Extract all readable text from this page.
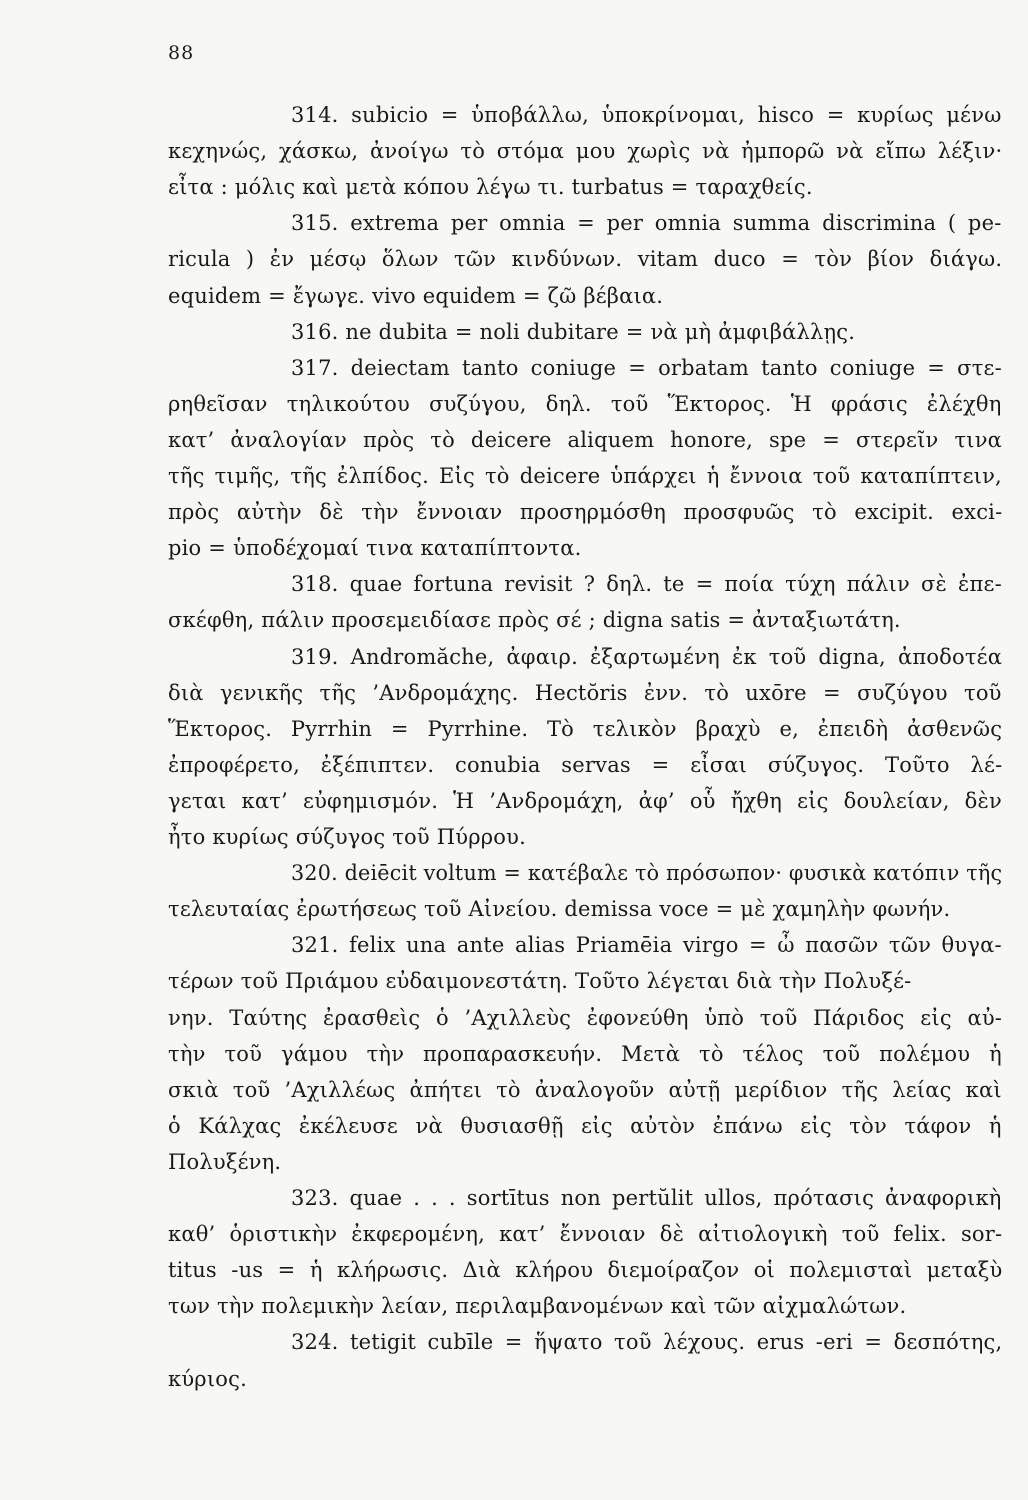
88
314. subicio = ὑποβάλλω, ὑποκρίνομαι, hisco = κυρίως μένω
κεχηνώς, χάσκω, ἀνοίγω τὸ στόμα μου χωρὶς νὰ ἠμπορῶ νὰ εἴπω λέξιν·
εἶτα : μόλις καὶ μετὰ κόπου λέγω τι. turbatus = ταραχθείς.
315. extrema per omnia = per omnia summa discrimina ( pe-
ricula ) ἐν μέσῳ ὅλων τῶν κινδύνων. vitam duco = τὸν βίον διάγω.
equidem = ἔγωγε. vivo equidem = ζῶ βέβαια.
316. ne dubita = noli dubitare = νὰ μὴ ἀμφιβάλλῃς.
317. deiectam tanto coniuge = orbatam tanto coniuge = στε-
ρηθεῖσαν τηλικούτου συζύγου, δηλ. τοῦ Ἕκτορος. Ἡ φράσις ἐλέχθη
κατ’ ἀναλογίαν πρὸς τὸ deicere aliquem honore, spe = στερεῖν τινα
τῆς τιμῆς, τῆς ἐλπίδος. Εἰς τὸ deicere ὑπάρχει ἡ ἔννοια τοῦ καταπίπτειν,
πρὸς αὐτὴν δὲ τὴν ἔννοιαν προσηρμόσθη προσφυῶς τὸ excipit. exci-
pio = ὑποδέχομαί τινα καταπίπτοντα.
318. quae fortuna revisit ? δηλ. te = ποία τύχη πάλιν σὲ ἐπε-
σκέφθη, πάλιν προσεμειδίασε πρὸς σέ ; digna satis = ἀνταξιωτάτη.
319. Andromăche, ἀφαιρ. ἐξαρτωμένη ἐκ τοῦ digna, ἀποδοτέα
διὰ γενικῆς τῆς ’Ανδρομάχης. Hectŏris ἐνν. τὸ uxōre = συζύγου τοῦ
Ἕκτορος. Pyrrhin = Pyrrhine. Τὸ τελικὸν βραχὺ e, ἐπειδὴ ἀσθενῶς
ἐπροφέρετο, ἐξέπιπτεν. conubia servas = εἶσαι σύζυγος. Τοῦτο λέ-
γεται κατ’ εὐφημισμόν. Ἡ ’Ανδρομάχη, ἀφ’ οὗ ἤχθη εἰς δουλείαν, δὲν
ἦτο κυρίως σύζυγος τοῦ Πύρρου.
320. deiēcit voltum = κατέβαλε τὸ πρόσωπον· φυσικὰ κατόπιν τῆς
τελευταίας ἐρωτήσεως τοῦ Αἰνείου. demissa voce = μὲ χαμηλὴν φωνήν.
321. felix una ante alias Priamēia virgo = ὦ πασῶν τῶν θυγα-
τέρων τοῦ Πριάμου εὐδαιμονεστάτη. Τοῦτο λέγεται διὰ τὴν Πολυξέ-
νην. Ταύτης ἐρασθεὶς ὁ ’Αχιλλεὺς ἐφονεύθη ὑπὸ τοῦ Πάριδος εἰς αὐ-
τὴν τοῦ γάμου τὴν προπαρασκευήν. Μετὰ τὸ τέλος τοῦ πολέμου ἡ
σκιὰ τοῦ ’Αχιλλέως ἀπήτει τὸ ἀναλογοῦν αὐτῇ μερίδιον τῆς λείας καὶ
ὁ Κάλχας ἐκέλευσε νὰ θυσιασθῇ εἰς αὐτὸν ἐπάνω εἰς τὸν τάφον ἡ
Πολυξένη.
323. quae . . . sortītus non pertŭlit ullos, πρότασις ἀναφορικὴ
καθ’ ὁριστικὴν ἐκφερομένη, κατ’ ἔννοιαν δὲ αἰτιολογικὴ τοῦ felix. sor-
titus -us = ἡ κλήρωσις. Διὰ κλήρου διεμοίραζον οἱ πολεμισταὶ μεταξὺ
των τὴν πολεμικὴν λείαν, περιλαμβανομένων καὶ τῶν αἰχμαλώτων.
324. tetigit cubīle = ἥψατο τοῦ λέχους. erus -eri = δεσπότης,
κύριος.
